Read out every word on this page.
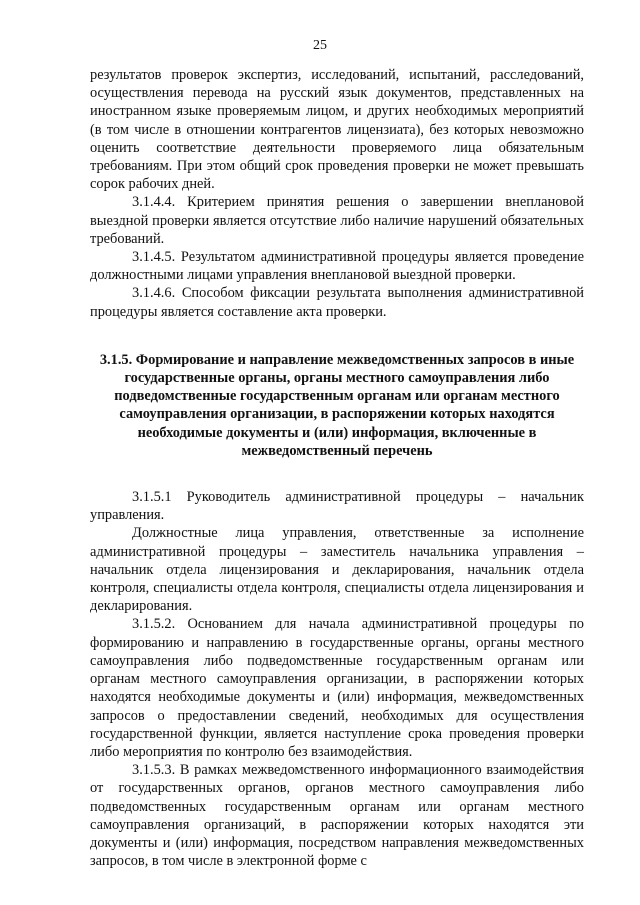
25

результатов проверок экспертиз, исследований, испытаний, расследований, осуществления перевода на русский язык документов, представленных на иностранном языке проверяемым лицом, и других необходимых мероприятий (в том числе в отношении контрагентов лицензиата), без которых невозможно оценить соответствие деятельности проверяемого лица обязательным требованиям. При этом общий срок проведения проверки не может превышать сорок рабочих дней.

3.1.4.4. Критерием принятия решения о завершении внеплановой выездной проверки является отсутствие либо наличие нарушений обязательных требований.

3.1.4.5. Результатом административной процедуры является проведение должностными лицами управления внеплановой выездной проверки.

3.1.4.6. Способом фиксации результата выполнения административной процедуры является составление акта проверки.

3.1.5. Формирование и направление межведомственных запросов в иные государственные органы, органы местного самоуправления либо подведомственные государственным органам или органам местного самоуправления организации, в распоряжении которых находятся необходимые документы и (или) информация, включенные в межведомственный перечень

3.1.5.1 Руководитель административной процедуры – начальник управления.

Должностные лица управления, ответственные за исполнение административной процедуры – заместитель начальника управления – начальник отдела лицензирования и декларирования, начальник отдела контроля, специалисты отдела контроля, специалисты отдела лицензирования и декларирования.

3.1.5.2. Основанием для начала административной процедуры по формированию и направлению в государственные органы, органы местного самоуправления либо подведомственные государственным органам или органам местного самоуправления организации, в распоряжении которых находятся необходимые документы и (или) информация, межведомственных запросов о предоставлении сведений, необходимых для осуществления государственной функции, является наступление срока проведения проверки либо мероприятия по контролю без взаимодействия.

3.1.5.3. В рамках межведомственного информационного взаимодействия от государственных органов, органов местного самоуправления либо подведомственных государственным органам или органам местного самоуправления организаций, в распоряжении которых находятся эти документы и (или) информация, посредством направления межведомственных запросов, в том числе в электронной форме с
